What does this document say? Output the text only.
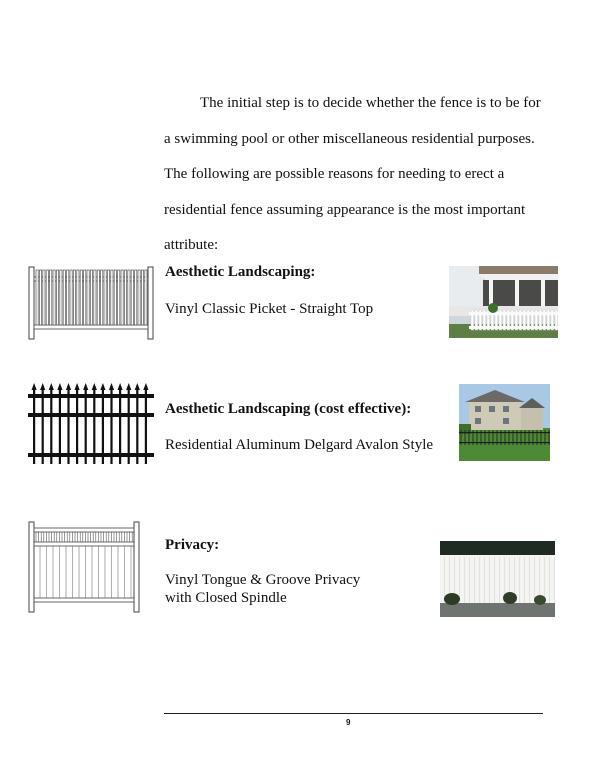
The initial step is to decide whether the fence is to be for

a swimming pool or other miscellaneous residential purposes.

The following are possible reasons for needing to erect a

residential fence assuming appearance is the most important

attribute:

Aesthetic Landscaping:
Vinyl Classic Picket - Straight Top
Aesthetic Landscaping (cost effective):
Residential Aluminum Delgard Avalon Style
Privacy:
Vinyl Tongue & Groove Privacy
with Closed Spindle
9
